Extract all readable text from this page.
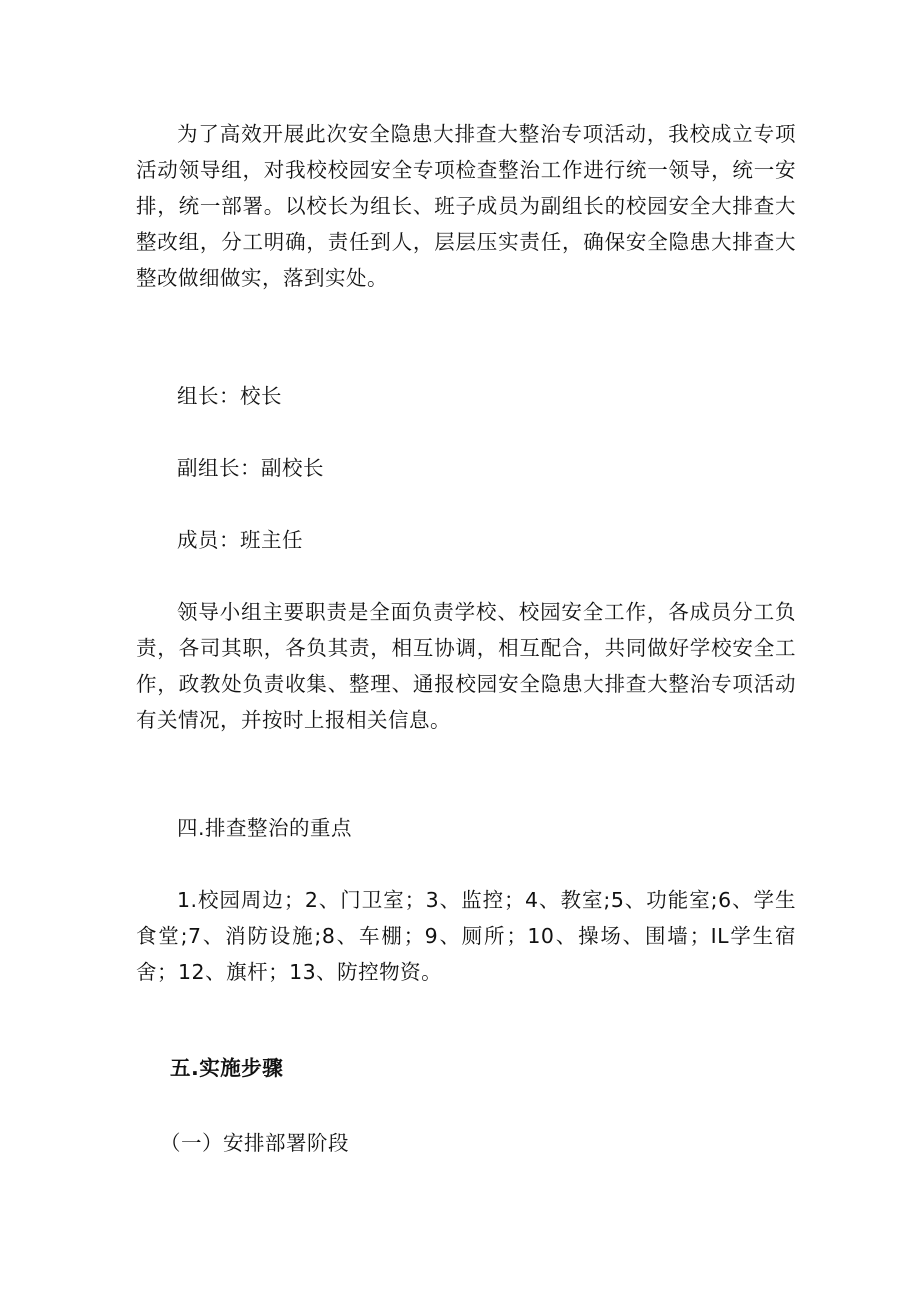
为了高效开展此次安全隐患大排查大整治专项活动，我校成立专项活动领导组，对我校校园安全专项检查整治工作进行统一领导，统一安排，统一部署。以校长为组长、班子成员为副组长的校园安全大排查大整改组，分工明确，责任到人，层层压实责任，确保安全隐患大排查大整改做细做实，落到实处。

组长：校长

副组长：副校长

成员：班主任

领导小组主要职责是全面负责学校、校园安全工作，各成员分工负责，各司其职，各负其责，相互协调，相互配合，共同做好学校安全工作，政教处负责收集、整理、通报校园安全隐患大排查大整治专项活动有关情况，并按时上报相关信息。

四.排查整治的重点

1.校园周边；2、门卫室；3、监控；4、教室;5、功能室;6、学生食堂;7、消防设施;8、车棚；9、厕所；10、操场、围墙；IL学生宿舍；12、旗杆；13、防控物资。

五.实施步骤

（一）安排部署阶段
